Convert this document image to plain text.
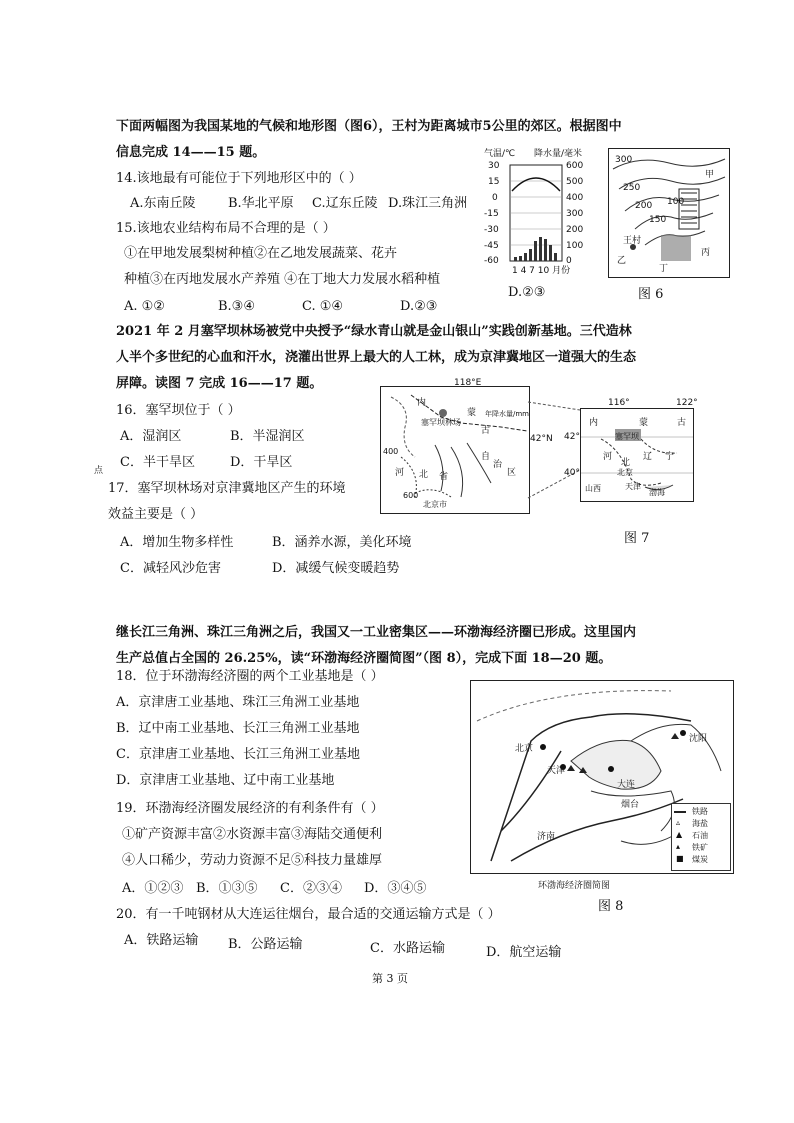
下面两幅图为我国某地的气候和地形图（图6），王村为距离城市5公里的郊区。根据图中
信息完成 14——15 题。
14.该地最有可能位于下列地形区中的（ ）
A.东南丘陵 B.华北平原 C.辽东丘陵 D.珠江三角洲
15.该地农业结构布局不合理的是（ ）
①在甲地发展梨树种植②在乙地发展蔬菜、花卉
种植③在丙地发展水产养殖 ④在丁地大力发展水稻种植
A. ①②	B.③④	C. ①④	D.②③
D.②③
气温/℃ 降水量/毫米
30
15
0
-15
-30
-45
-60
600
500
400
300
200
100
0
1 4 7 10 月份
300
250
200
150
100
甲
乙
丙
丁
王村
图 6
2021 年 2 月塞罕坝林场被党中央授予“绿水青山就是金山银山”实践创新基地。三代造林
人半个多世纪的心血和汗水，浇灌出世界上最大的人工林，成为京津冀地区一道强大的生态
屏障。读图 7 完成 16——17 题。
16．塞罕坝位于（ ）
A．湿润区	B．半湿润区
C．半干旱区	D．干旱区
点
17．塞罕坝林场对京津冀地区产生的环境
效益主要是（ ）
A．增加生物多样性	B．涵养水源，美化环境
C．减轻风沙危害	D．减缓气候变暖趋势
内
蒙
古
自
治
区
河 北 省
塞罕坝林场
北京市
400
600
年降水量/mm
118°E
42°N
内	蒙	古
塞罕坝
河
北
辽 宁
北京
天津
山西	渤海
116°	122°
42°
40°
图 7
继长江三角洲、珠江三角洲之后，我国又一工业密集区——环渤海经济圈已形成。这里国内
生产总值占全国的 26.25%，读“环渤海经济圈简图”（图 8），完成下面 18—20 题。
18．位于环渤海经济圈的两个工业基地是（ ）
A．京津唐工业基地、珠江三角洲工业基地
B．辽中南工业基地、长江三角洲工业基地
C．京津唐工业基地、长江三角洲工业基地
D．京津唐工业基地、辽中南工业基地
19．环渤海经济圈发展经济的有利条件有（ ）
①矿产资源丰富②水资源丰富③海陆交通便利
④人口稀少，劳动力资源不足⑤科技力量雄厚
A．①②③ B．①③⑤ C．②③④ D．③④⑤
沈阳
北京
天津
大连
烟台
济南
铁路
▵ 海盐
▲ 石油
▴ 铁矿
■ 煤炭
环渤海经济圈简图
图 8
20．有一千吨钢材从大连运往烟台，最合适的交通运输方式是（ ）
A．铁路运输 B．公路运输	C．水路运输	D．航空运输
第 3 页
